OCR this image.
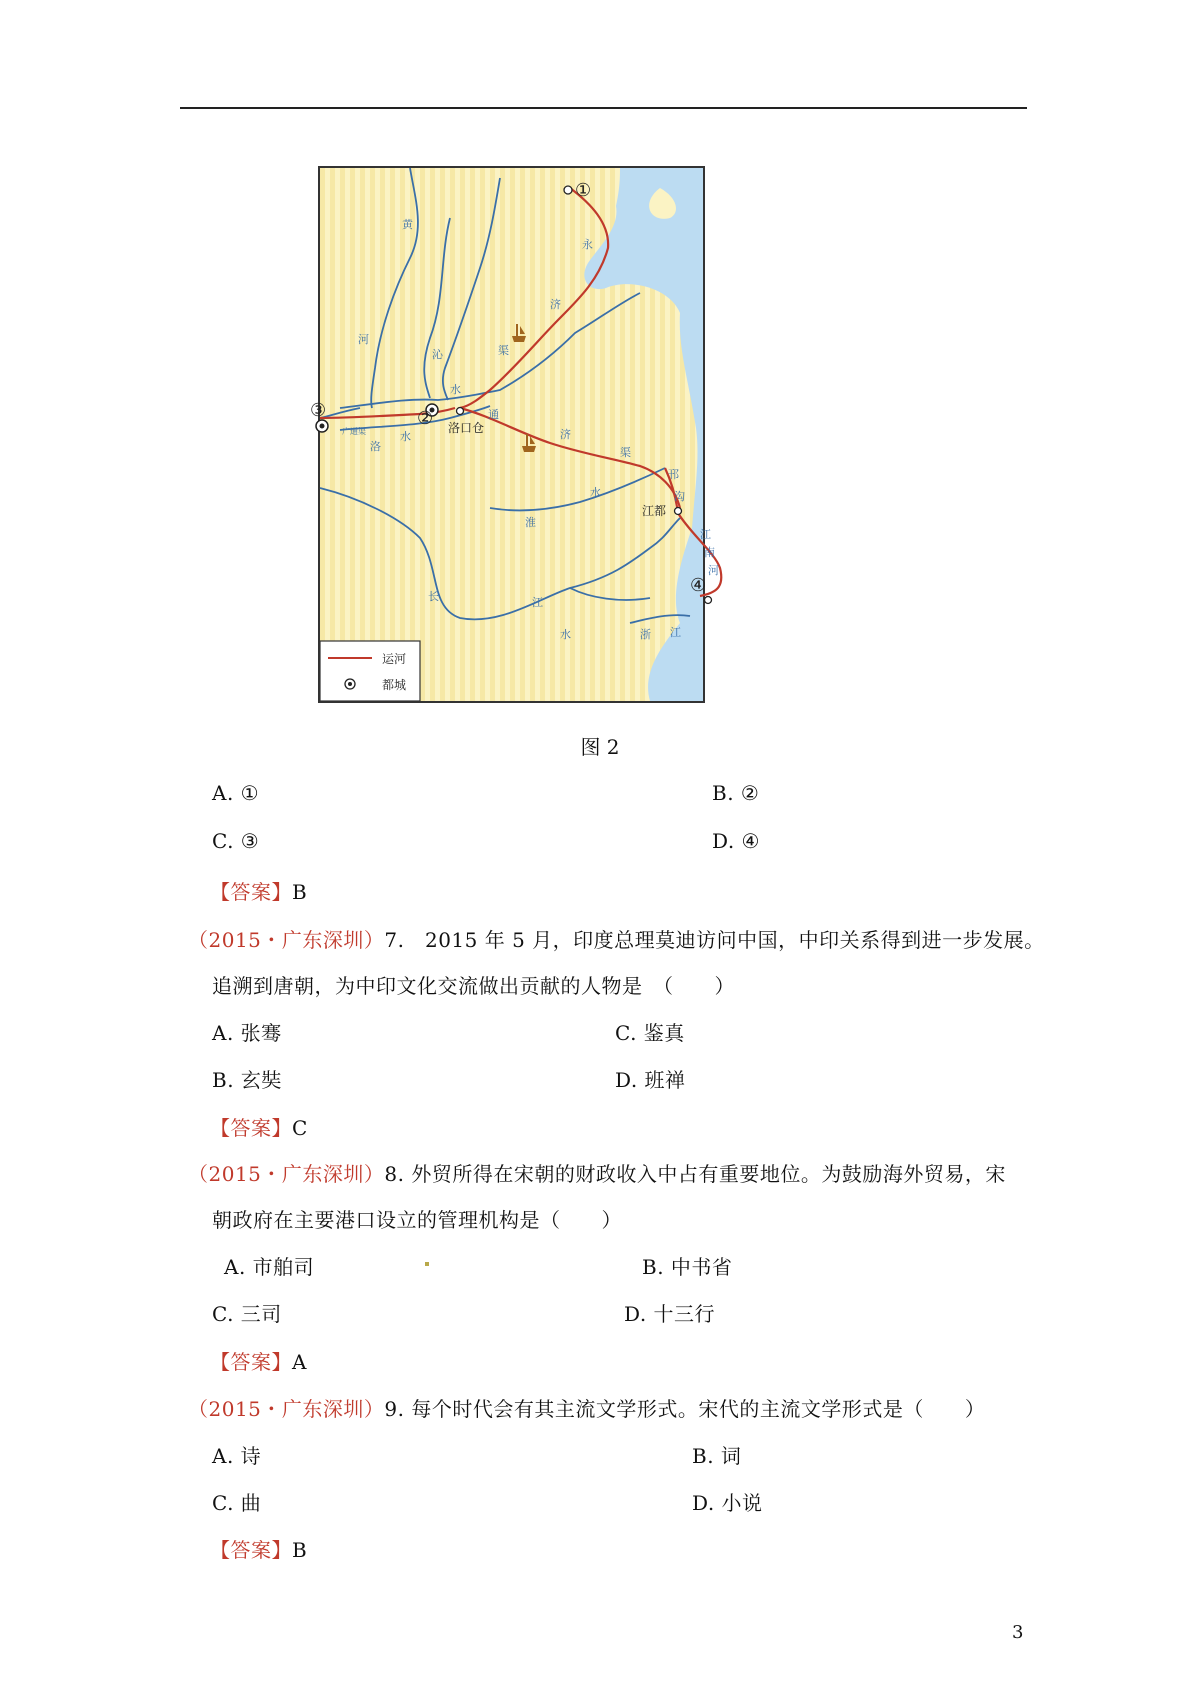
①
②
③
④
洛口仓
江都
黄
河
沁
水
济
渠
永
通
济
渠
洛
水
广通渠
邗
沟
江
南
河
长	江
淮
水
水	浙 江
运河
都城
图 2
A. ①	B. ②
C. ③	D. ④
【答案】B
（2015・广东深圳）7.　2015 年 5 月，印度总理莫迪访问中国，中印关系得到进一步发展。
追溯到唐朝，为中印文化交流做出贡献的人物是　（　　）
A. 张骞	C. 鉴真
B. 玄奘	D. 班禅
【答案】C
（2015・广东深圳）8. 外贸所得在宋朝的财政收入中占有重要地位。为鼓励海外贸易，宋
朝政府在主要港口设立的管理机构是（　　）
A. 市舶司	B. 中书省
C. 三司	D. 十三行
【答案】A
（2015・广东深圳）9. 每个时代会有其主流文学形式。宋代的主流文学形式是（　　）
A. 诗	B. 词
C. 曲	D. 小说
【答案】B
3
